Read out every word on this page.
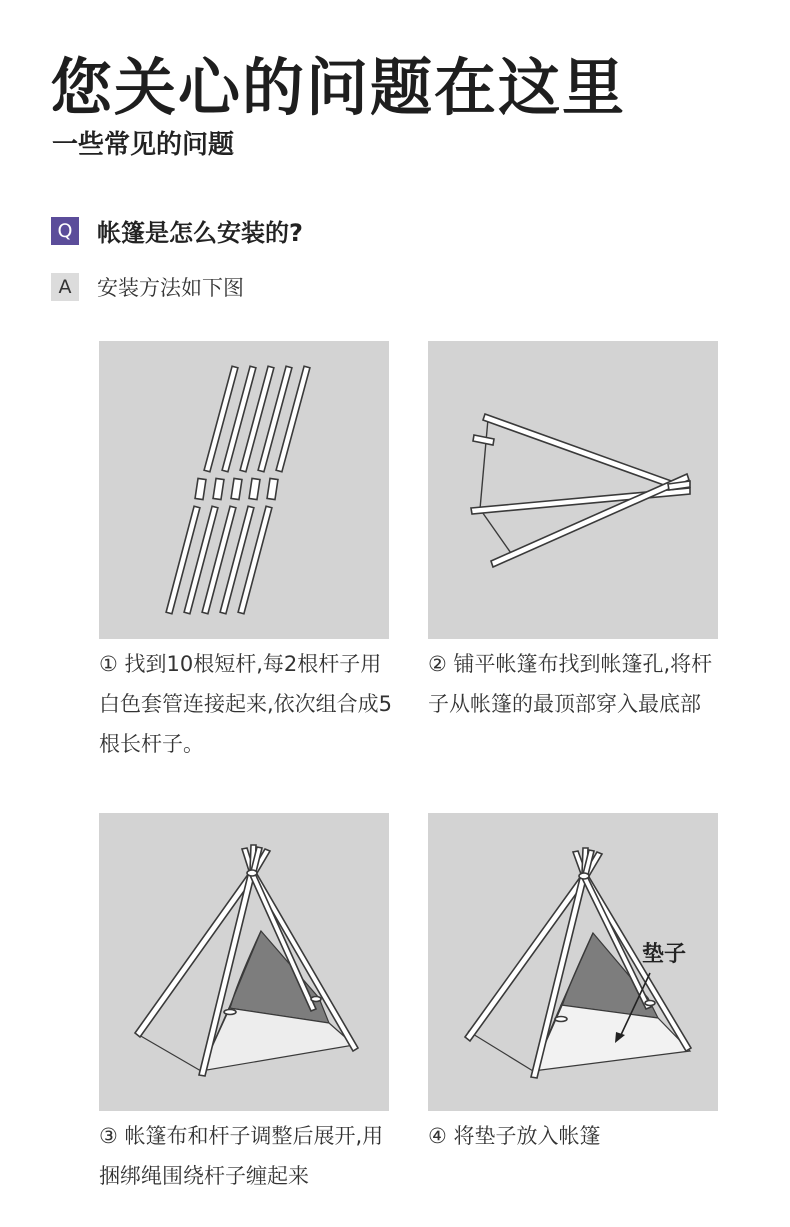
您关心的问题在这里
一些常见的问题
Q 帐篷是怎么安装的?
A	安装方法如下图
① 找到10根短杆,每2根杆子用白色套管连接起来,依次组合成5根长杆子。
② 铺平帐篷布找到帐篷孔,将杆子从帐篷的最顶部穿入最底部
③ 帐篷布和杆子调整后展开,用捆绑绳围绕杆子缠起来
垫子
④ 将垫子放入帐篷
